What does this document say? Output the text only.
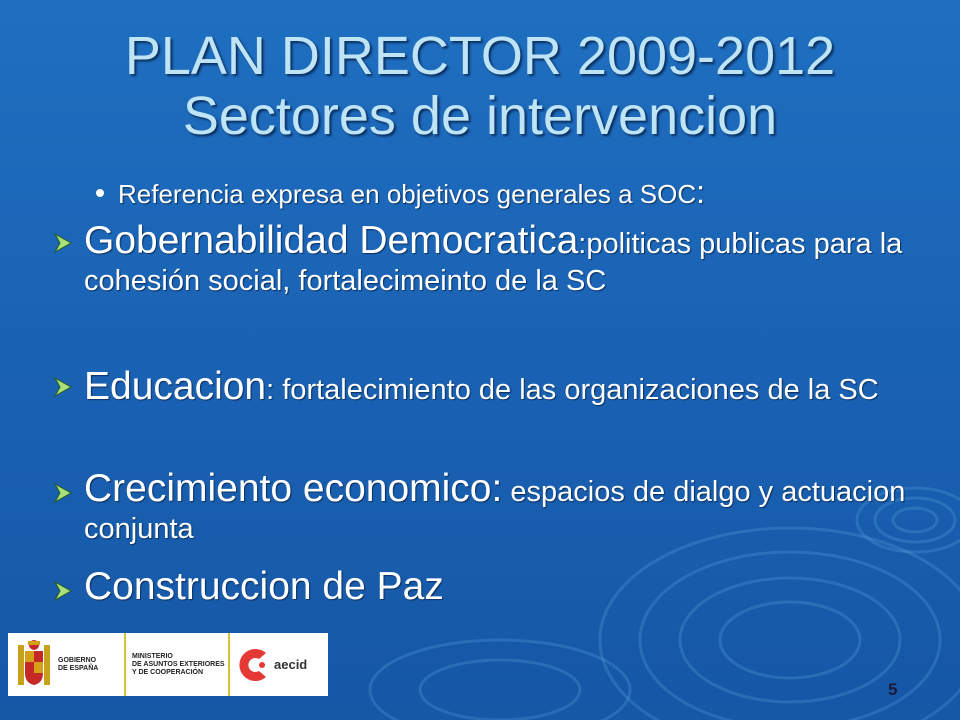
PLAN DIRECTOR 2009-2012
Sectores de intervencion
Referencia expresa en objetivos generales a SOC:
Gobernabilidad Democratica:politicas publicas para la cohesión social, fortalecimeinto de la SC
Educacion: fortalecimiento de las organizaciones de la SC
Crecimiento economico: espacios de dialgo y actuacion conjunta
Construccion de Paz
GOBIERNO
DE ESPAÑA
MINISTERIO
DE ASUNTOS EXTERIORES
Y DE COOPERACIÓN	aecid
5
